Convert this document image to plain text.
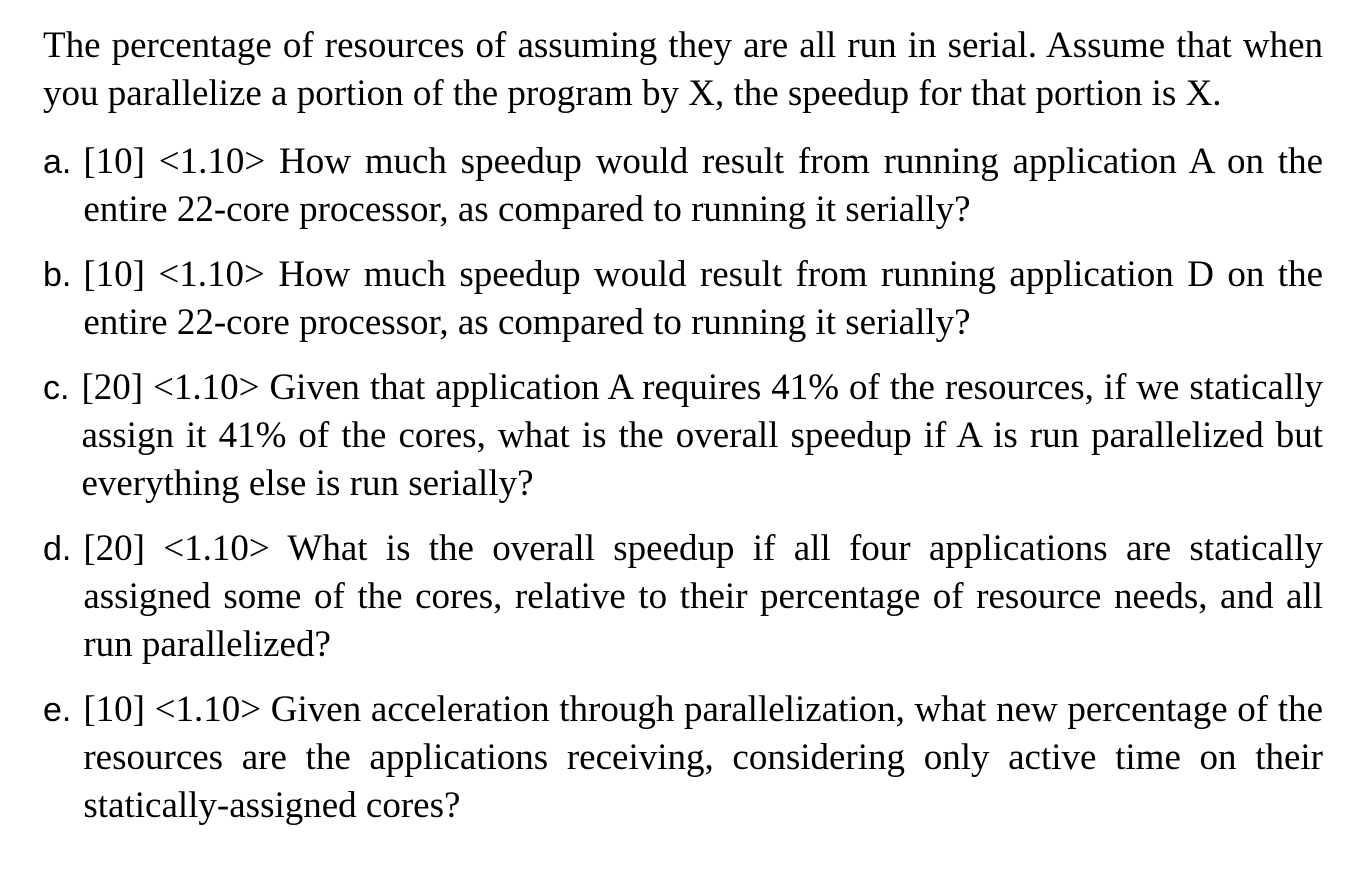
The percentage of resources of assuming they are all run in serial. Assume that when you parallelize a portion of the program by X, the speedup for that portion is X.

a. [10] <1.10> How much speedup would result from running application A on the entire 22-core processor, as compared to running it serially?
b. [10] <1.10> How much speedup would result from running application D on the entire 22-core processor, as compared to running it serially?
c. [20] <1.10> Given that application A requires 41% of the resources, if we statically assign it 41% of the cores, what is the overall speedup if A is run parallelized but everything else is run serially?
d. [20] <1.10> What is the overall speedup if all four applications are statically assigned some of the cores, relative to their percentage of resource needs, and all run parallelized?
e. [10] <1.10> Given acceleration through parallelization, what new percentage of the resources are the applications receiving, considering only active time on their statically-assigned cores?
